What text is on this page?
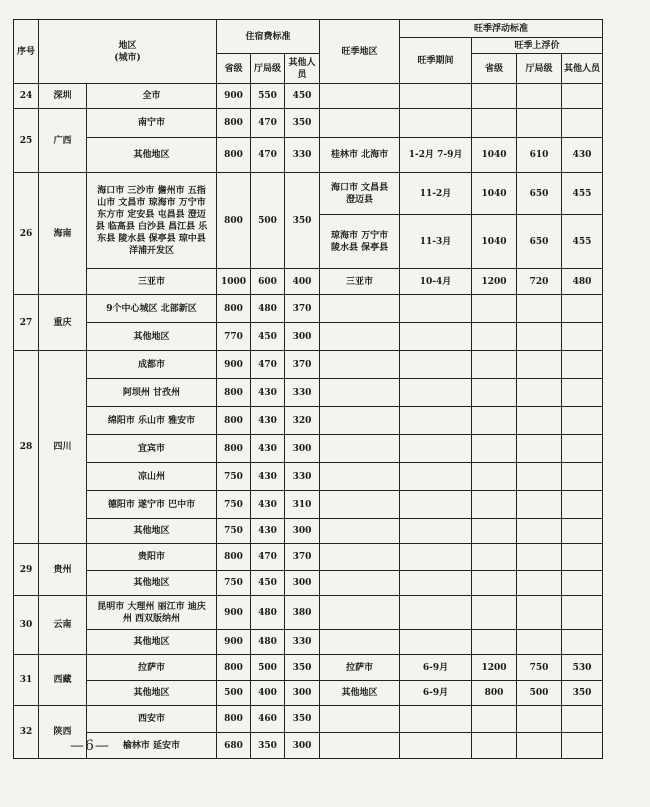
序号	地区
(城市)		住宿费标准			旺季地区	旺季浮动标准			
							旺季期间	旺季上浮价		
			省级	厅局级	其他人员			省级	厅局级	其他人员
24	深圳	全市	900	550	450					
25	广西	南宁市	800	470	350					
		其他地区	800	470	330	桂林市 北海市	1-2月 7-9月	1040	610	430
26	海南	海口市 三沙市 儋州市 五指山市 文昌市 琼海市 万宁市 东方市 定安县 屯昌县 澄迈县 临高县 白沙县 昌江县 乐东县 陵水县 保亭县 琼中县 洋浦开发区	800	500	350	海口市 文昌县 澄迈县	11-2月	1040	650	455
						琼海市 万宁市 陵水县 保亭县	11-3月	1040	650	455
		三亚市	1000	600	400	三亚市	10-4月	1200	720	480
27	重庆	9个中心城区 北部新区	800	480	370					
		其他地区	770	450	300					
28	四川	成都市	900	470	370					
		阿坝州 甘孜州	800	430	330					
		绵阳市 乐山市 雅安市	800	430	320					
		宜宾市	800	430	300					
		凉山州	750	430	330					
		德阳市 遂宁市 巴中市	750	430	310					
		其他地区	750	430	300					
29	贵州	贵阳市	800	470	370					
		其他地区	750	450	300					
30	云南	昆明市 大理州 丽江市 迪庆州 西双版纳州	900	480	380					
		其他地区	900	480	330					
31	西藏	拉萨市	800	500	350	拉萨市	6-9月	1200	750	530
		其他地区	500	400	300	其他地区	6-9月	800	500	350
32	陕西	西安市	800	460	350					
		榆林市 延安市	680	350	300					
—6—
